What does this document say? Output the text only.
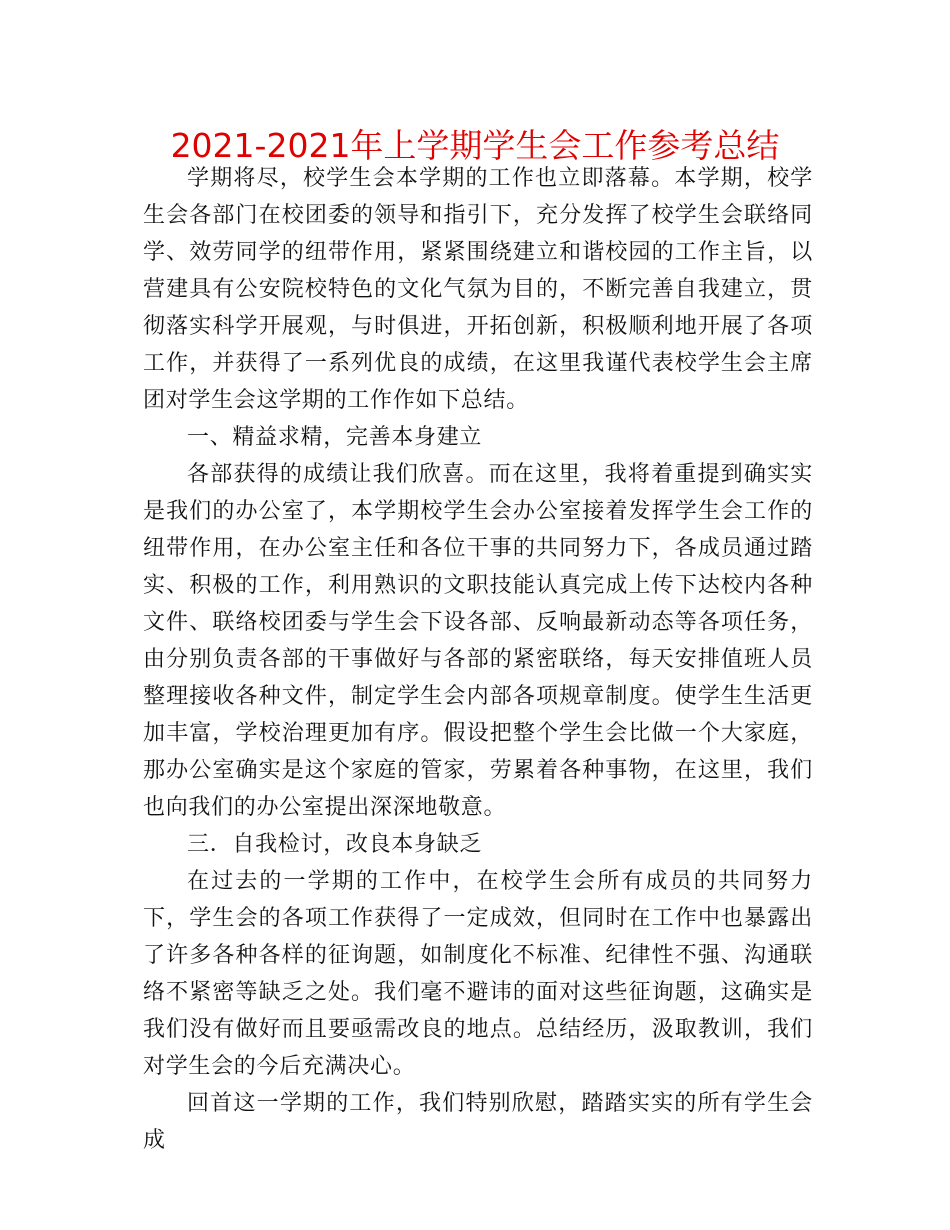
2021-2021年上学期学生会工作参考总结

学期将尽，校学生会本学期的工作也立即落幕。本学期，校学生会各部门在校团委的领导和指引下，充分发挥了校学生会联络同学、效劳同学的纽带作用，紧紧围绕建立和谐校园的工作主旨，以营建具有公安院校特色的文化气氛为目的，不断完善自我建立，贯彻落实科学开展观，与时俱进，开拓创新，积极顺利地开展了各项工作，并获得了一系列优良的成绩，在这里我谨代表校学生会主席团对学生会这学期的工作作如下总结。

一、精益求精，完善本身建立

各部获得的成绩让我们欣喜。而在这里，我将着重提到确实实是我们的办公室了，本学期校学生会办公室接着发挥学生会工作的纽带作用，在办公室主任和各位干事的共同努力下，各成员通过踏实、积极的工作，利用熟识的文职技能认真完成上传下达校内各种文件、联络校团委与学生会下设各部、反响最新动态等各项任务，由分别负责各部的干事做好与各部的紧密联络，每天安排值班人员整理接收各种文件，制定学生会内部各项规章制度。使学生生活更加丰富，学校治理更加有序。假设把整个学生会比做一个大家庭，那办公室确实是这个家庭的管家，劳累着各种事物，在这里，我们也向我们的办公室提出深深地敬意。

三．自我检讨，改良本身缺乏

在过去的一学期的工作中，在校学生会所有成员的共同努力下，学生会的各项工作获得了一定成效，但同时在工作中也暴露出了许多各种各样的征询题，如制度化不标准、纪律性不强、沟通联络不紧密等缺乏之处。我们毫不避讳的面对这些征询题，这确实是我们没有做好而且要亟需改良的地点。总结经历，汲取教训，我们对学生会的今后充满决心。

回首这一学期的工作，我们特别欣慰，踏踏实实的所有学生会成
